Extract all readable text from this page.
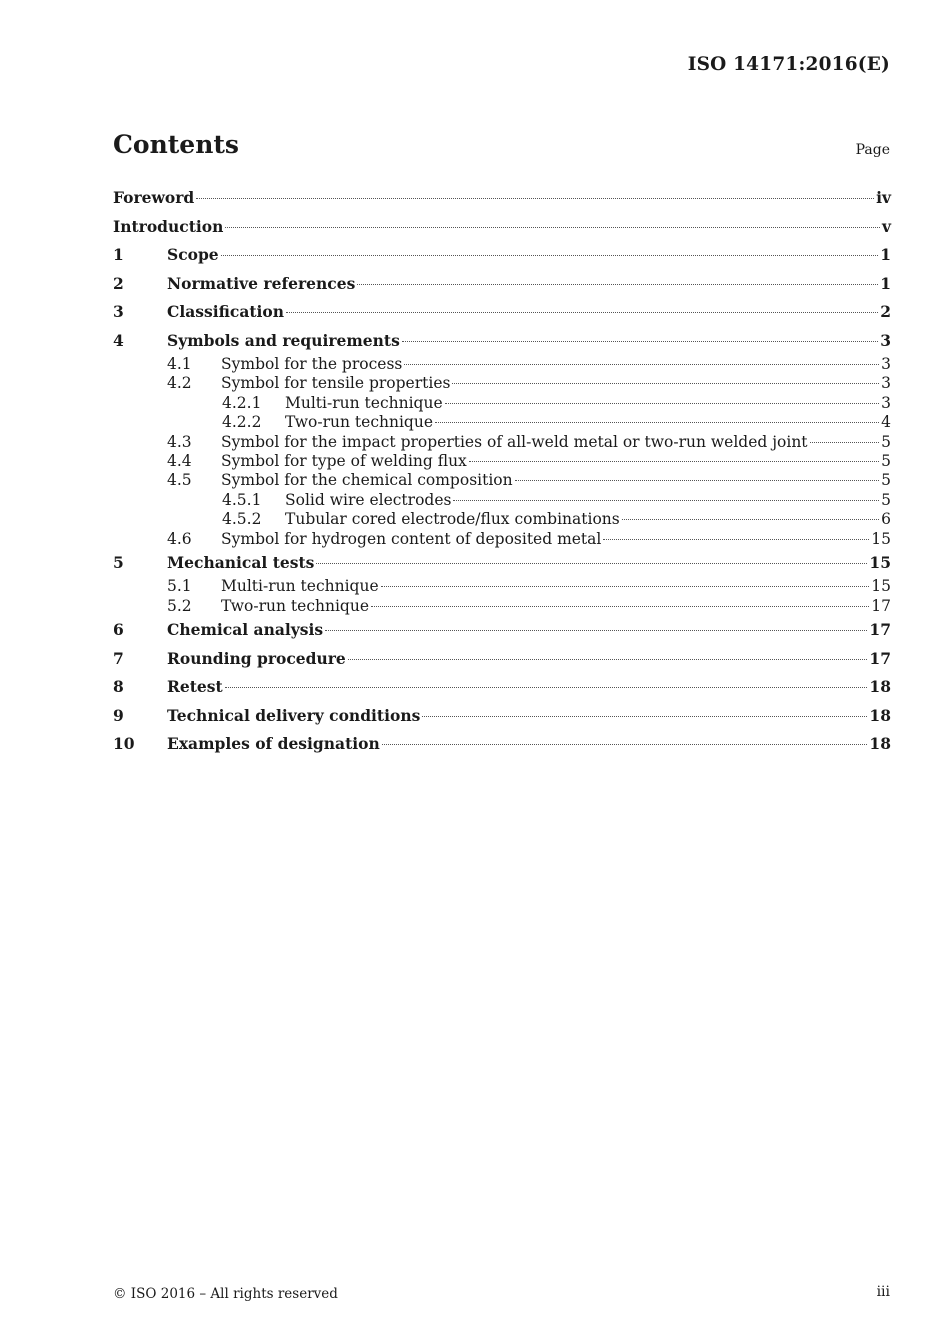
ISO 14171:2016(E)
Contents	Page
Foreword	iv
Introduction	v
1	Scope	1
2	Normative references	1
3	Classification	2
4	Symbols and requirements	3
4.1	Symbol for the process	3
4.2	Symbol for tensile properties	3
4.2.1	Multi-run technique	3
4.2.2	Two-run technique	4
4.3	Symbol for the impact properties of all-weld metal or two-run welded joint	5
4.4	Symbol for type of welding flux	5
4.5	Symbol for the chemical composition	5
4.5.1	Solid wire electrodes	5
4.5.2	Tubular cored electrode/flux combinations	6
4.6	Symbol for hydrogen content of deposited metal	15
5	Mechanical tests	15
5.1	Multi-run technique	15
5.2	Two-run technique	17
6	Chemical analysis	17
7	Rounding procedure	17
8	Retest	18
9	Technical delivery conditions	18
10	Examples of designation	18
© ISO 2016 – All rights reserved	iii
